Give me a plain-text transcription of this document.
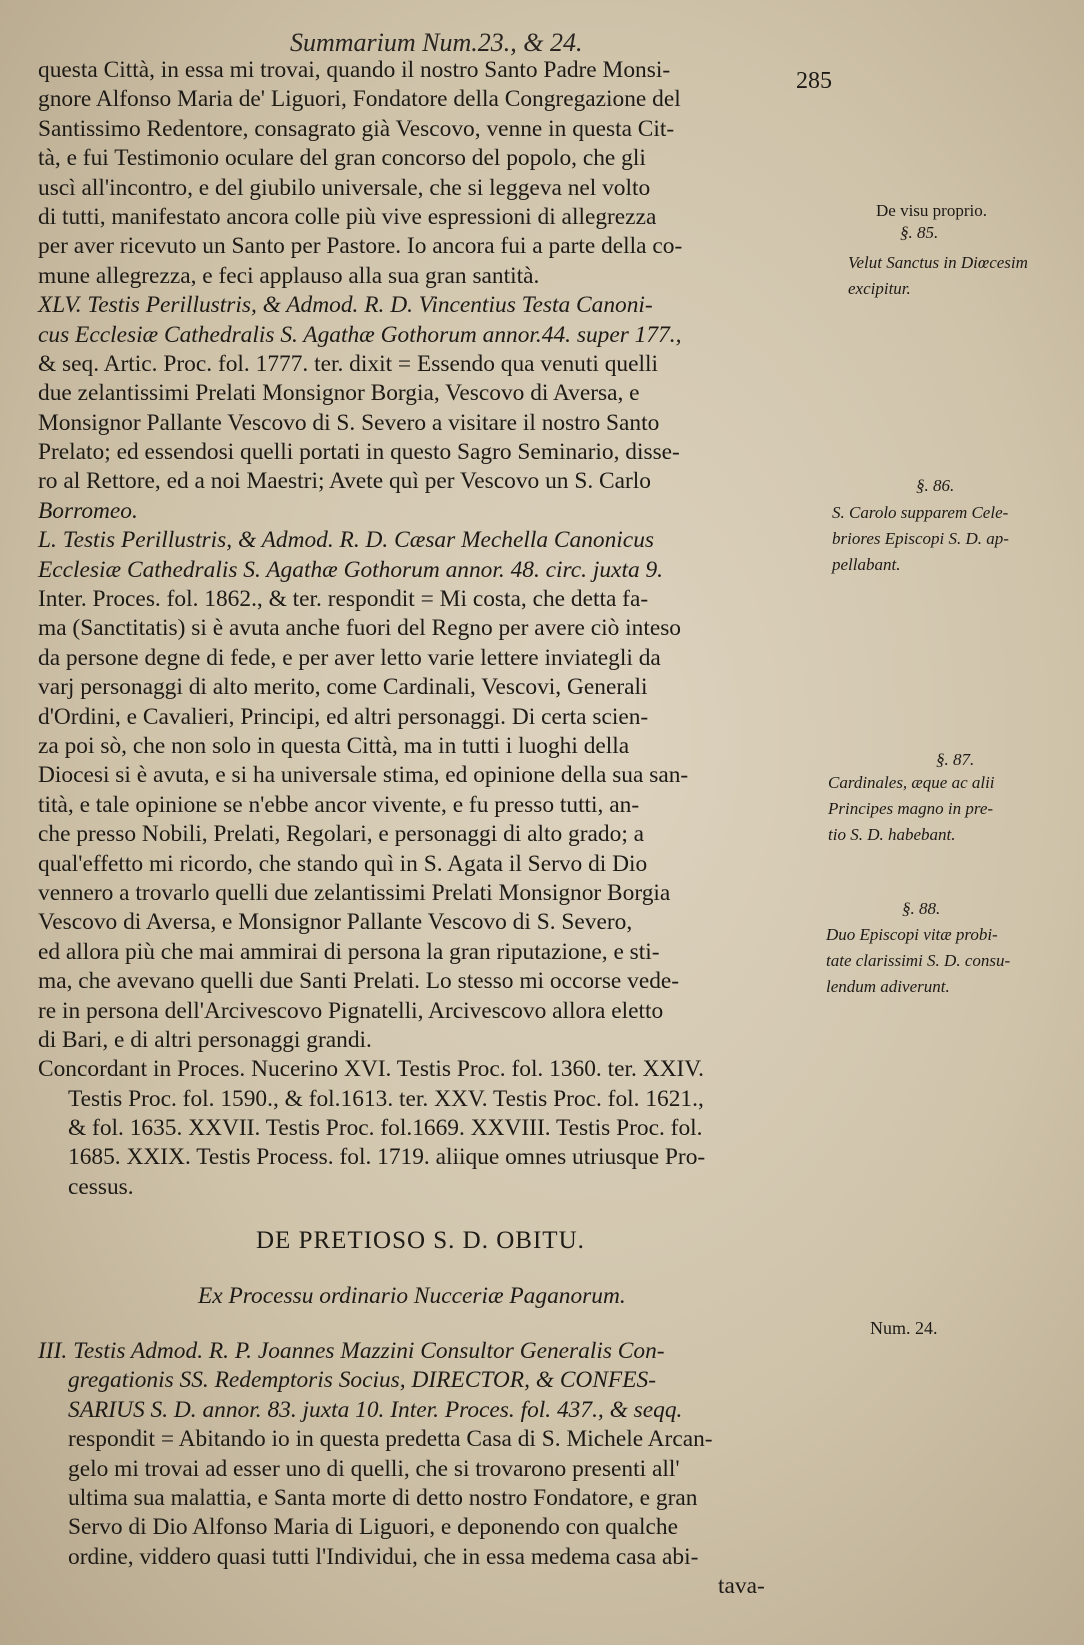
Summarium Num.23., & 24.
285
questa Città, in essa mi trovai, quando il nostro Santo Padre Monsi-
gnore Alfonso Maria de' Liguori, Fondatore della Congregazione del
Santissimo Redentore, consagrato già Vescovo, venne in questa Cit-
tà, e fui Testimonio oculare del gran concorso del popolo, che gli
uscì all'incontro, e del giubilo universale, che si leggeva nel volto
di tutti, manifestato ancora colle più vive espressioni di allegrezza
per aver ricevuto un Santo per Pastore. Io ancora fui a parte della co-
mune allegrezza, e feci applauso alla sua gran santità.
XLV. Testis Perillustris, & Admod. R. D. Vincentius Testa Canoni-
cus Ecclesiæ Cathedralis S. Agathæ Gothorum annor.44. super 177.,
& seq. Artic. Proc. fol. 1777. ter. dixit = Essendo qua venuti quelli
due zelantissimi Prelati Monsignor Borgia, Vescovo di Aversa, e
Monsignor Pallante Vescovo di S. Severo a visitare il nostro Santo
Prelato; ed essendosi quelli portati in questo Sagro Seminario, disse-
ro al Rettore, ed a noi Maestri; Avete quì per Vescovo un S. Carlo
Borromeo.
L. Testis Perillustris, & Admod. R. D. Cæsar Mechella Canonicus
Ecclesiæ Cathedralis S. Agathæ Gothorum annor. 48. circ. juxta 9.
Inter. Proces. fol. 1862., & ter. respondit = Mi costa, che detta fa-
ma (Sanctitatis) si è avuta anche fuori del Regno per avere ciò inteso
da persone degne di fede, e per aver letto varie lettere inviategli da
varj personaggi di alto merito, come Cardinali, Vescovi, Generali
d'Ordini, e Cavalieri, Principi, ed altri personaggi. Di certa scien-
za poi sò, che non solo in questa Città, ma in tutti i luoghi della
Diocesi si è avuta, e si ha universale stima, ed opinione della sua san-
tità, e tale opinione se n'ebbe ancor vivente, e fu presso tutti, an-
che presso Nobili, Prelati, Regolari, e personaggi di alto grado; a
qual'effetto mi ricordo, che stando quì in S. Agata il Servo di Dio
vennero a trovarlo quelli due zelantissimi Prelati Monsignor Borgia
Vescovo di Aversa, e Monsignor Pallante Vescovo di S. Severo,
ed allora più che mai ammirai di persona la gran riputazione, e sti-
ma, che avevano quelli due Santi Prelati. Lo stesso mi occorse vede-
re in persona dell'Arcivescovo Pignatelli, Arcivescovo allora eletto
di Bari, e di altri personaggi grandi.
Concordant in Proces. Nucerino XVI. Testis Proc. fol. 1360. ter. XXIV.
Testis Proc. fol. 1590., & fol.1613. ter. XXV. Testis Proc. fol. 1621.,
& fol. 1635. XXVII. Testis Proc. fol.1669. XXVIII. Testis Proc. fol.
1685. XXIX. Testis Process. fol. 1719. aliique omnes utriusque Pro-
cessus.
DE PRETIOSO S. D. OBITU.
Ex Processu ordinario Nucceriæ Paganorum.
III. Testis Admod. R. P. Joannes Mazzini Consultor Generalis Con-
gregationis SS. Redemptoris Socius, DIRECTOR, & CONFES-
SARIUS S. D. annor. 83. juxta 10. Inter. Proces. fol. 437., & seqq.
respondit = Abitando io in questa predetta Casa di S. Michele Arcan-
gelo mi trovai ad esser uno di quelli, che si trovarono presenti all'
ultima sua malattia, e Santa morte di detto nostro Fondatore, e gran
Servo di Dio Alfonso Maria di Liguori, e deponendo con qualche
ordine, viddero quasi tutti l'Individui, che in essa medema casa abi-
tava-
De visu proprio.
§. 85.
Velut Sanctus in Diœcesim
excipitur.
§. 86.
S. Carolo supparem Cele-
briores Episcopi S. D. ap-
pellabant.
§. 87.
Cardinales, æque ac alii
Principes magno in pre-
tio S. D. habebant.
§. 88.
Duo Episcopi vitæ probi-
tate clarissimi S. D. consu-
lendum adiverunt.
Num. 24.
